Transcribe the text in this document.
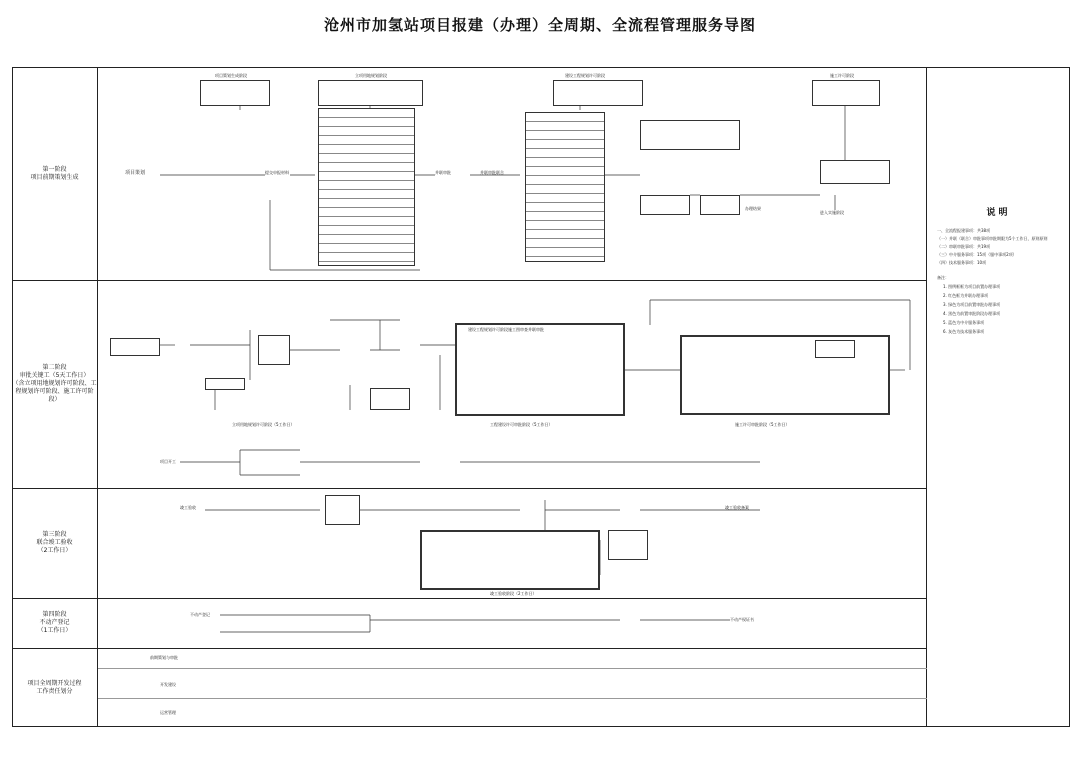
沧州市加氢站项目报建（办理）全周期、全流程管理服务导图
第一阶段
项目前期策划生成
第二阶段
审批关键工（5天工作日）
（含立项用地规划许可阶段、工程规划许可阶段、施工许可阶段）
第三阶段
联合竣工验收
（2工作日）
第四阶段
不动产登记
（1工作日）
项目全周期开发过程
工作责任划分
说明
一、全流程报建事项：共38项
（一）并联（联合）审批事项审批期限为5个工作日，原则原则
（二）串联审批事项：共19项
（三）中介服务事项：15项（服中事项2项）
（四）技术服务事项：10项
备注：
1. 图例框框为项目前置办理事项
2. 红色框为并联办理事项
3. 绿色为项目前置审批办理事项
4. 黑色为前置审批阶段办理事项
5. 蓝色为中介服务事项
6. 灰色为技术服务事项
项目策划生成阶段	立项用地规划阶段	建设工程规划许可阶段	施工许可阶段
项目策划	提交申报材料	并联审批	并联审批联合
办理结果
进入实施阶段
建设工程规划许可阶段施工图审查并联审批
立项用地规划许可阶段（5工作日）	工程建设许可审批阶段（5工作日）	施工许可审批阶段（5工作日）
项目开工
竣工验收阶段（2工作日）
竣工验收	竣工验收备案
不动产登记
不动产权证书
前期策划与审批
开发建设
运营管理
